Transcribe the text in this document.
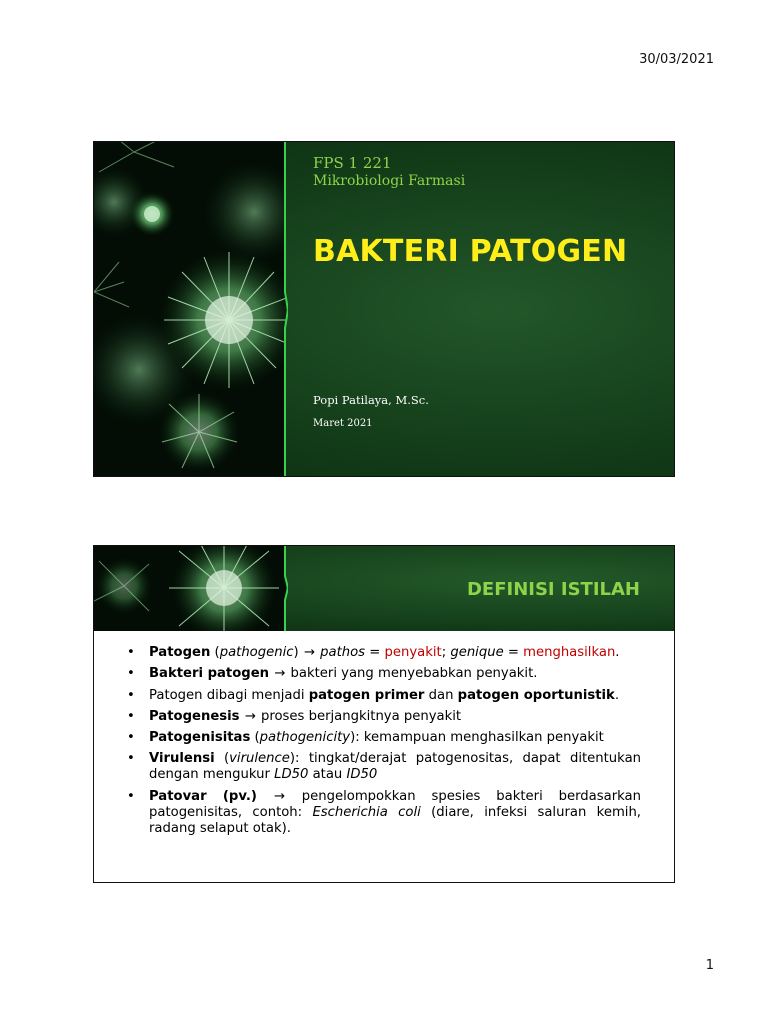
30/03/2021

FPS 1 221

Mikrobiologi Farmasi

BAKTERI PATOGEN
Popi Patilaya, M.Sc.
Maret 2021
DEFINISI ISTILAH
• Patogen (pathogenic) → pathos = penyakit; genique = menghasilkan.
• Bakteri patogen → bakteri yang menyebabkan penyakit.
• Patogen dibagi menjadi patogen primer dan patogen oportunistik.
• Patogenesis → proses berjangkitnya penyakit
• Patogenisitas (pathogenicity): kemampuan menghasilkan penyakit
• Virulensi (virulence): tingkat/derajat patogenositas, dapat ditentukan dengan mengukur LD50 atau ID50
• Patovar (pv.) → pengelompokkan spesies bakteri berdasarkan patogenisitas, contoh: Escherichia coli (diare, infeksi saluran kemih, radang selaput otak).
1
